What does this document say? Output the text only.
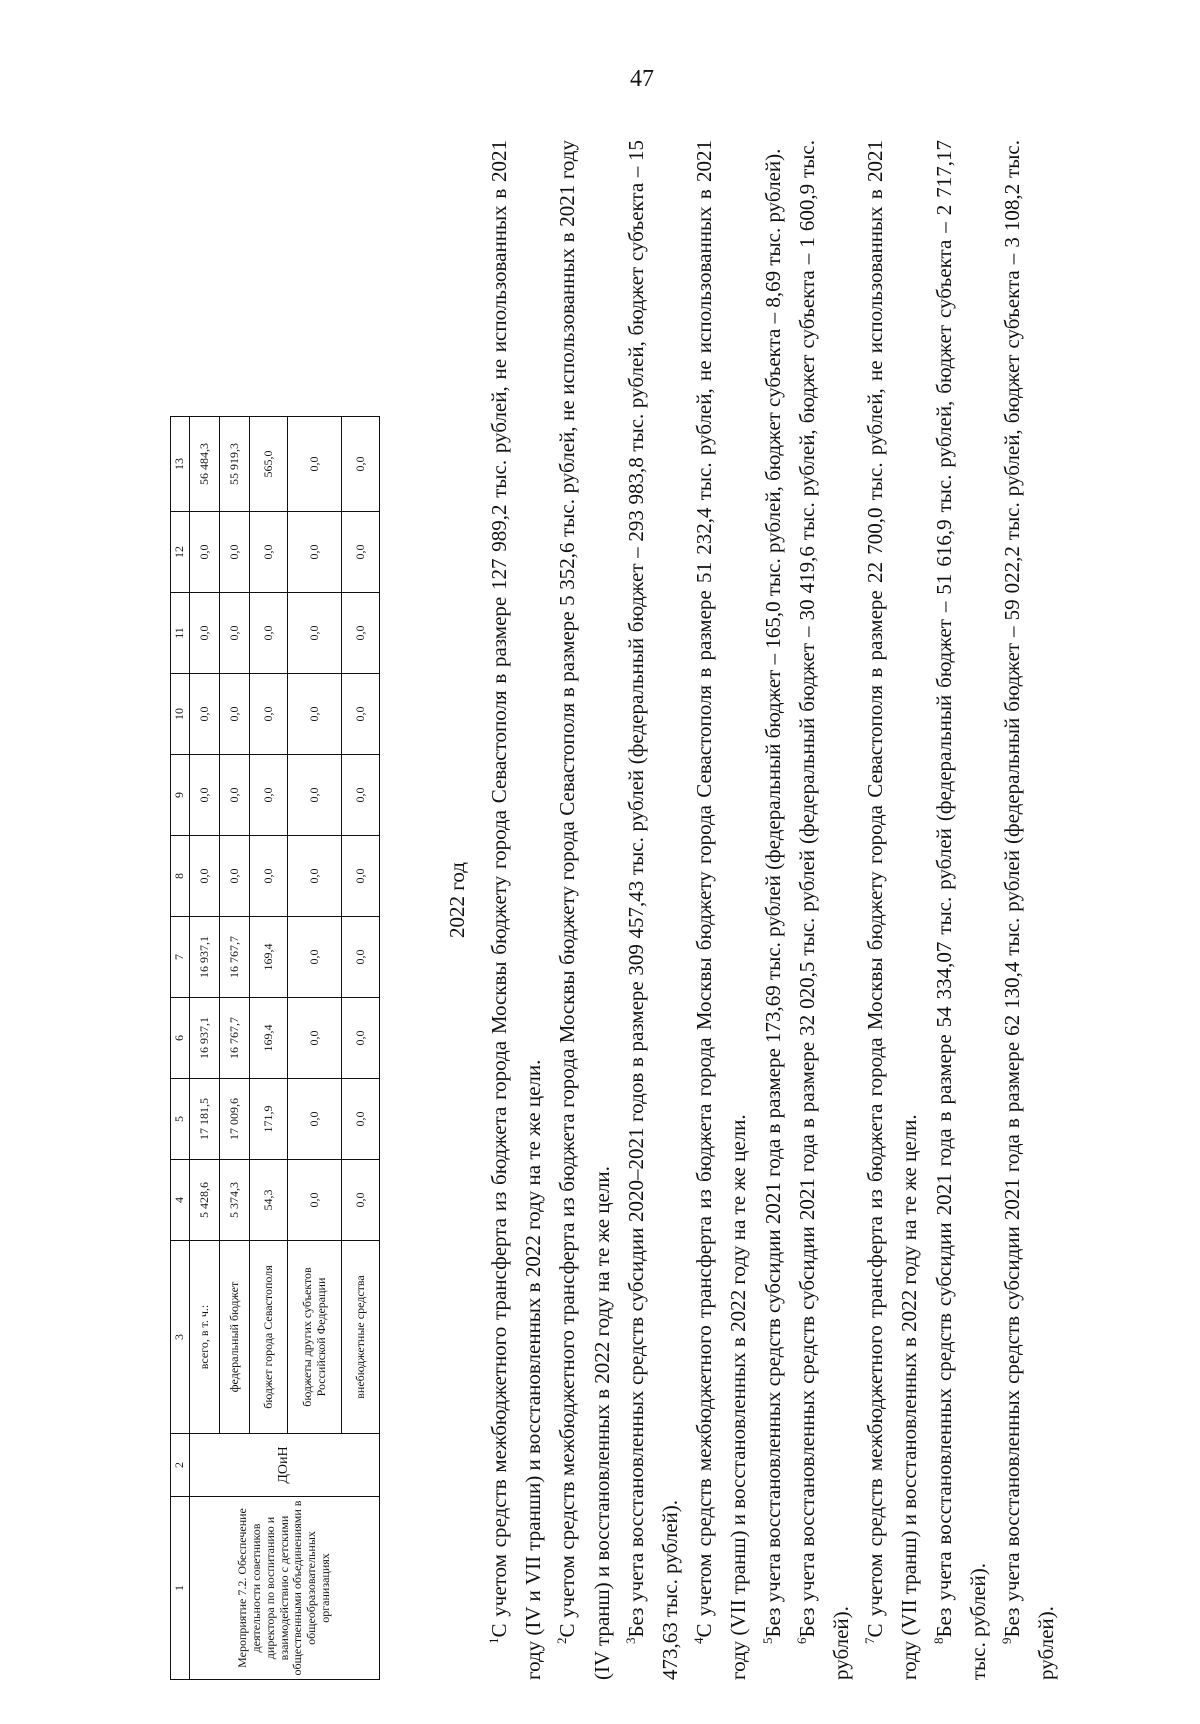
47
1	2	3	4	5	6	7	8	9	10	11	12	13
Мероприятие 7.2. Обеспечение деятельности советников директора по воспитанию и взаимодействию с детскими общественными объединениями в общеобразовательных организациях	ДОиН	всего, в т. ч.:	5 428,6	17 181,5	16 937,1	16 937,1	0,0	0,0	0,0	0,0	0,0	56 484,3
		федеральный бюджет	5 374,3	17 009,6	16 767,7	16 767,7	0,0	0,0	0,0	0,0	0,0	55 919,3
		бюджет города Севастополя	54,3	171,9	169,4	169,4	0,0	0,0	0,0	0,0	0,0	565,0
		бюджеты других субъектов Российской Федерации	0,0	0,0	0,0	0,0	0,0	0,0	0,0	0,0	0,0	0,0
		внебюджетные средства	0,0	0,0	0,0	0,0	0,0	0,0	0,0	0,0	0,0	0,0
2022 год

$^1$С учетом средств межбюджетного трансферта из бюджета города Москвы бюджету города Севастополя в размере 127 989,2 тыс. рублей, не использованных в 2021 году (IV и VII транши) и восстановленных в 2022 году на те же цели. $^2$С учетом средств межбюджетного трансферта из бюджета города Москвы бюджету города Севастополя в размере 5 352,6 тыс. рублей, не использованных в 2021 году (IV транш) и восстановленных в 2022 году на те же цели. $^3$Без учета восстановленных средств субсидии 2020–2021 годов в размере 309 457,43 тыс. рублей (федеральный бюджет – 293 983,8 тыс. рублей, бюджет субъекта – 15 473,63 тыс. рублей). $^4$С учетом средств межбюджетного трансферта из бюджета города Москвы бюджету города Севастополя в размере 51 232,4 тыс. рублей, не использованных в 2021 году (VII транш) и восстановленных в 2022 году на те же цели. $^5$Без учета восстановленных средств субсидии 2021 года в размере 173,69 тыс. рублей (федеральный бюджет – 165,0 тыс. рублей, бюджет субъекта – 8,69 тыс. рублей).

$^6$Без учета восстановленных средств субсидии 2021 года в размере 32 020,5 тыс. рублей (федеральный бюджет – 30 419,6 тыс. рублей, бюджет субъекта – 1 600,9 тыс. рублей). $^7$С учетом средств межбюджетного трансферта из бюджета города Москвы бюджету города Севастополя в размере 22 700,0 тыс. рублей, не использованных в 2021 году (VII транш) и восстановленных в 2022 году на те же цели. $^8$Без учета восстановленных средств субсидии 2021 года в размере 54 334,07 тыс. рублей (федеральный бюджет – 51 616,9 тыс. рублей, бюджет субъекта – 2 717,17 тыс. рублей). $^9$Без учета восстановленных средств субсидии 2021 года в размере 62 130,4 тыс. рублей (федеральный бюджет – 59 022,2 тыс. рублей, бюджет субъекта – 3 108,2 тыс. рублей).
